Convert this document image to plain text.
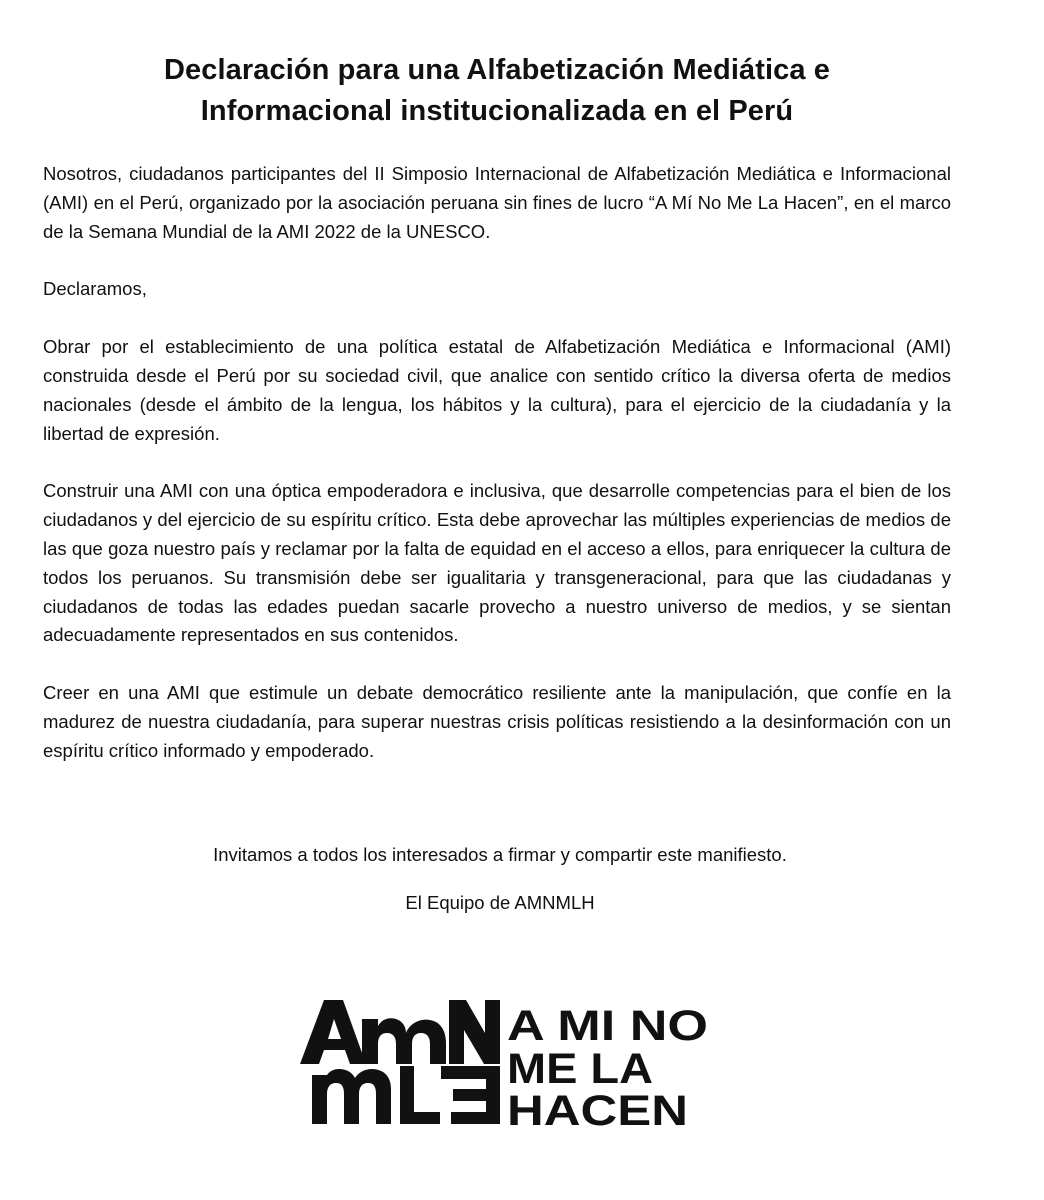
Declaración para una Alfabetización Mediática e
Informacional institucionalizada en el Perú

Nosotros, ciudadanos participantes del II Simposio Internacional de Alfabetización Mediática e Informacional (AMI) en el Perú, organizado por la asociación peruana sin fines de lucro “A Mí No Me La Hacen”, en el marco de la Semana Mundial de la AMI 2022 de la UNESCO.

Declaramos,

Obrar por el establecimiento de una política estatal de Alfabetización Mediática e Informacional (AMI) construida desde el Perú por su sociedad civil, que analice con sentido crítico la diversa oferta de medios nacionales (desde el ámbito de la lengua, los hábitos y la cultura), para el ejercicio de la ciudadanía y la libertad de expresión.

Construir una AMI con una óptica empoderadora e inclusiva, que desarrolle competencias para el bien de los ciudadanos y del ejercicio de su espíritu crítico. Esta debe aprovechar las múltiples experiencias de medios de las que goza nuestro país y reclamar por la falta de equidad en el acceso a ellos, para enriquecer la cultura de todos los peruanos. Su transmisión debe ser igualitaria y transgeneracional, para que las ciudadanas y ciudadanos de todas las edades puedan sacarle provecho a nuestro universo de medios, y se sientan adecuadamente representados en sus contenidos.

Creer en una AMI que estimule un debate democrático resiliente ante la manipulación, que confíe en la madurez de nuestra ciudadanía, para superar nuestras crisis políticas resistiendo a la desinformación con un espíritu crítico informado y empoderado.

Invitamos a todos los interesados a firmar y compartir este manifiesto.

El Equipo de AMNMLH

A MI NO
ME LA
HACEN
